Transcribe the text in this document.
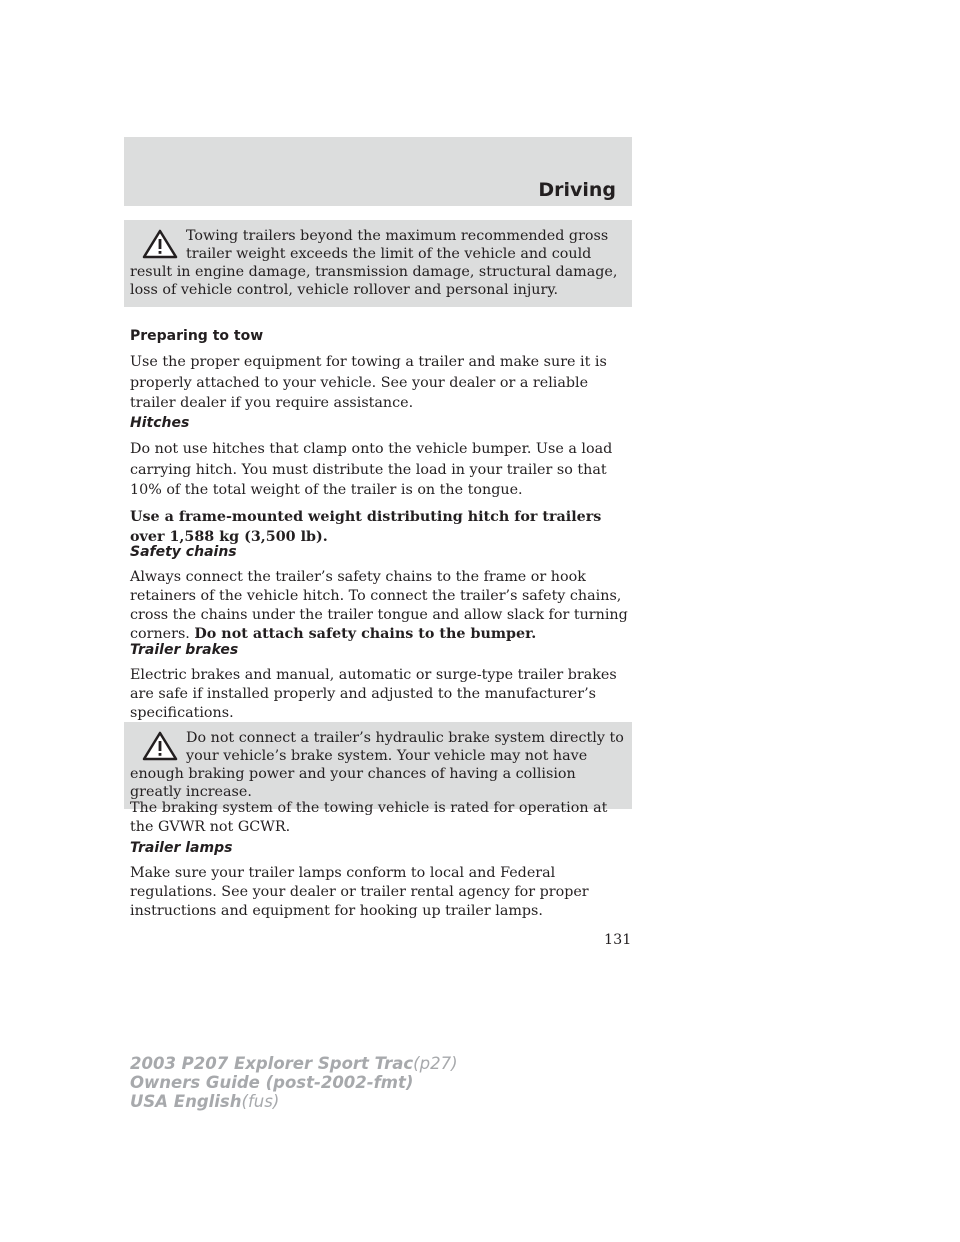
Driving
Towing trailers beyond the maximum recommended gross trailer weight exceeds the limit of the vehicle and could result in engine damage, transmission damage, structural damage, loss of vehicle control, vehicle rollover and personal injury.
Preparing to tow

Use the proper equipment for towing a trailer and make sure it is properly attached to your vehicle. See your dealer or a reliable trailer dealer if you require assistance.

Hitches

Do not use hitches that clamp onto the vehicle bumper. Use a load carrying hitch. You must distribute the load in your trailer so that 10% of the total weight of the trailer is on the tongue.

Use a frame-mounted weight distributing hitch for trailers over 1,588 kg (3,500 lb).

Safety chains

Always connect the trailer’s safety chains to the frame or hook retainers of the vehicle hitch. To connect the trailer’s safety chains, cross the chains under the trailer tongue and allow slack for turning corners. Do not attach safety chains to the bumper.

Trailer brakes

Electric brakes and manual, automatic or surge-type trailer brakes are safe if installed properly and adjusted to the manufacturer’s specifications.

Do not connect a trailer’s hydraulic brake system directly to your vehicle’s brake system. Your vehicle may not have enough braking power and your chances of having a collision greatly increase.

The braking system of the towing vehicle is rated for operation at the GVWR not GCWR.

Trailer lamps

Make sure your trailer lamps conform to local and Federal regulations. See your dealer or trailer rental agency for proper instructions and equipment for hooking up trailer lamps.

131
2003 P207 Explorer Sport Trac(p27)
Owners Guide (post-2002-fmt)
USA English(fus)
